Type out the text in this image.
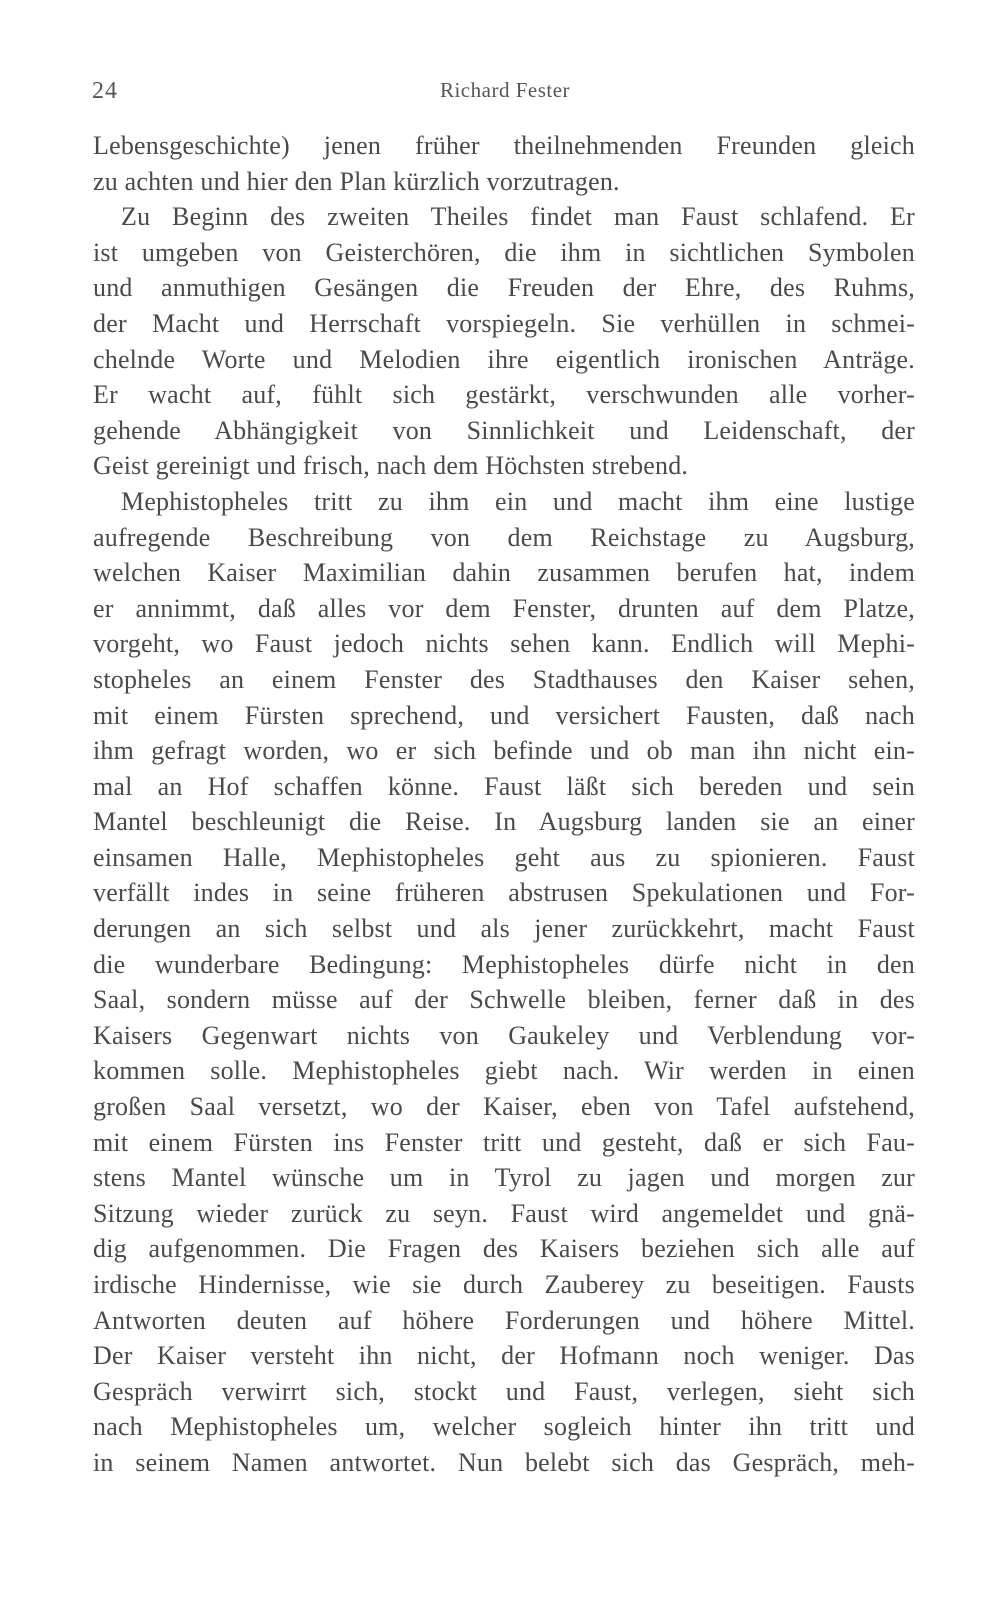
24	Richard Fester
Lebensgeschichte) jenen früher theilnehmenden Freunden gleich
zu achten und hier den Plan kürzlich vorzutragen.
Zu Beginn des zweiten Theiles findet man Faust schlafend. Er
ist umgeben von Geisterchören, die ihm in sichtlichen Symbolen
und anmuthigen Gesängen die Freuden der Ehre, des Ruhms,
der Macht und Herrschaft vorspiegeln. Sie verhüllen in schmei-
chelnde Worte und Melodien ihre eigentlich ironischen Anträge.
Er wacht auf, fühlt sich gestärkt, verschwunden alle vorher-
gehende Abhängigkeit von Sinnlichkeit und Leidenschaft, der
Geist gereinigt und frisch, nach dem Höchsten strebend.
Mephistopheles tritt zu ihm ein und macht ihm eine lustige
aufregende Beschreibung von dem Reichstage zu Augsburg,
welchen Kaiser Maximilian dahin zusammen berufen hat, indem
er annimmt, daß alles vor dem Fenster, drunten auf dem Platze,
vorgeht, wo Faust jedoch nichts sehen kann. Endlich will Mephi-
stopheles an einem Fenster des Stadthauses den Kaiser sehen,
mit einem Fürsten sprechend, und versichert Fausten, daß nach
ihm gefragt worden, wo er sich befinde und ob man ihn nicht ein-
mal an Hof schaffen könne. Faust läßt sich bereden und sein
Mantel beschleunigt die Reise. In Augsburg landen sie an einer
einsamen Halle, Mephistopheles geht aus zu spionieren. Faust
verfällt indes in seine früheren abstrusen Spekulationen und For-
derungen an sich selbst und als jener zurückkehrt, macht Faust
die wunderbare Bedingung: Mephistopheles dürfe nicht in den
Saal, sondern müsse auf der Schwelle bleiben, ferner daß in des
Kaisers Gegenwart nichts von Gaukeley und Verblendung vor-
kommen solle. Mephistopheles giebt nach. Wir werden in einen
großen Saal versetzt, wo der Kaiser, eben von Tafel aufstehend,
mit einem Fürsten ins Fenster tritt und gesteht, daß er sich Fau-
stens Mantel wünsche um in Tyrol zu jagen und morgen zur
Sitzung wieder zurück zu seyn. Faust wird angemeldet und gnä-
dig aufgenommen. Die Fragen des Kaisers beziehen sich alle auf
irdische Hindernisse, wie sie durch Zauberey zu beseitigen. Fausts
Antworten deuten auf höhere Forderungen und höhere Mittel.
Der Kaiser versteht ihn nicht, der Hofmann noch weniger. Das
Gespräch verwirrt sich, stockt und Faust, verlegen, sieht sich
nach Mephistopheles um, welcher sogleich hinter ihn tritt und
in seinem Namen antwortet. Nun belebt sich das Gespräch, meh-
